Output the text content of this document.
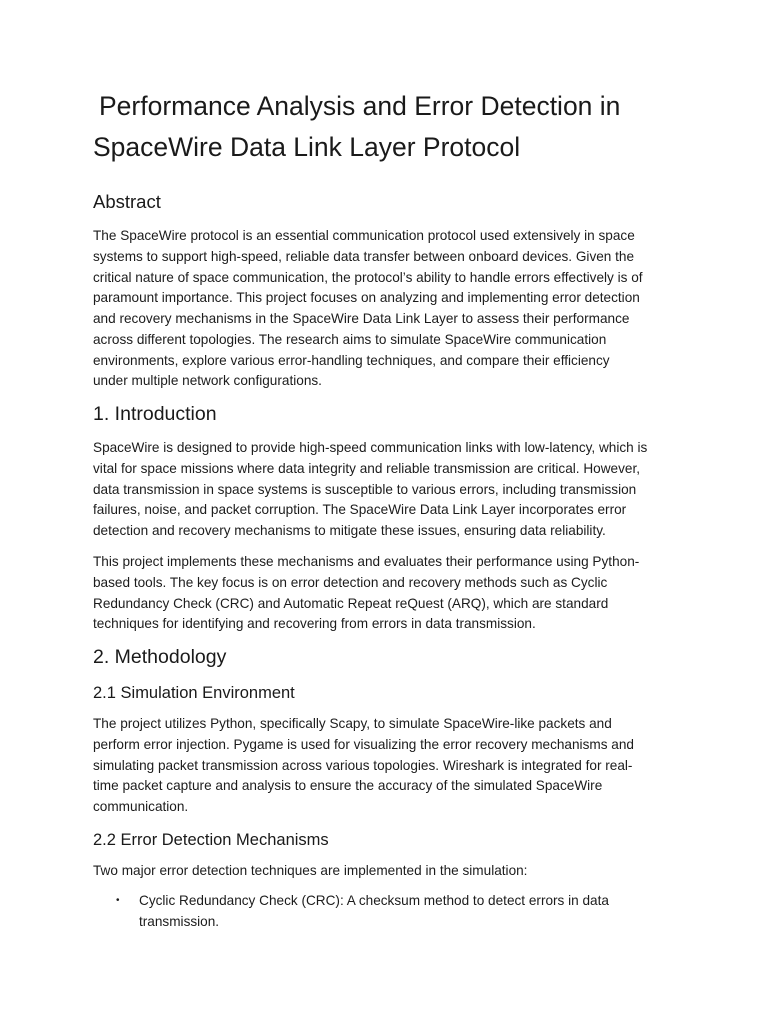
Performance Analysis and Error Detection in
SpaceWire Data Link Layer Protocol
Abstract

The SpaceWire protocol is an essential communication protocol used extensively in space
systems to support high-speed, reliable data transfer between onboard devices. Given the
critical nature of space communication, the protocol’s ability to handle errors effectively is of
paramount importance. This project focuses on analyzing and implementing error detection
and recovery mechanisms in the SpaceWire Data Link Layer to assess their performance
across different topologies. The research aims to simulate SpaceWire communication
environments, explore various error-handling techniques, and compare their efficiency
under multiple network configurations.

1. Introduction

SpaceWire is designed to provide high-speed communication links with low-latency, which is
vital for space missions where data integrity and reliable transmission are critical. However,
data transmission in space systems is susceptible to various errors, including transmission
failures, noise, and packet corruption. The SpaceWire Data Link Layer incorporates error
detection and recovery mechanisms to mitigate these issues, ensuring data reliability.

This project implements these mechanisms and evaluates their performance using Python-
based tools. The key focus is on error detection and recovery methods such as Cyclic
Redundancy Check (CRC) and Automatic Repeat reQuest (ARQ), which are standard
techniques for identifying and recovering from errors in data transmission.

2. Methodology
2.1 Simulation Environment

The project utilizes Python, specifically Scapy, to simulate SpaceWire-like packets and
perform error injection. Pygame is used for visualizing the error recovery mechanisms and
simulating packet transmission across various topologies. Wireshark is integrated for real-
time packet capture and analysis to ensure the accuracy of the simulated SpaceWire
communication.

2.2 Error Detection Mechanisms

Two major error detection techniques are implemented in the simulation:

• Cyclic Redundancy Check (CRC): A checksum method to detect errors in data
transmission.
